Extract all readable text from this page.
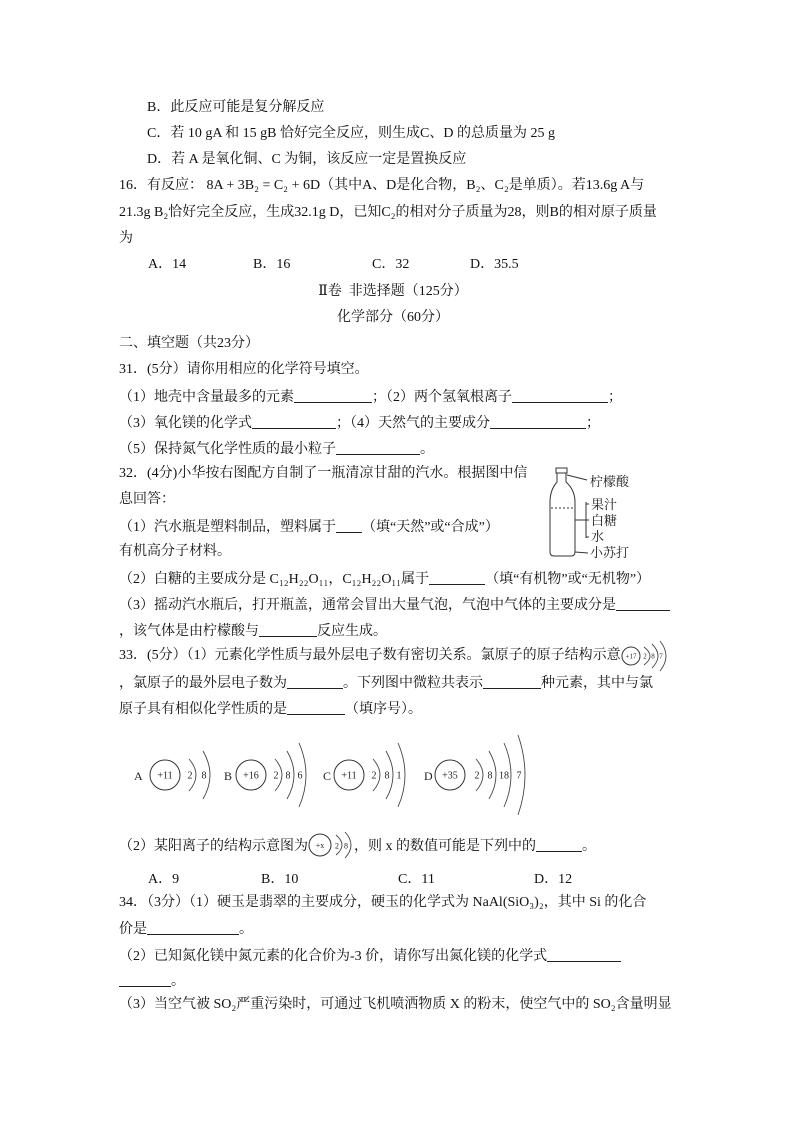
B．此反应可能是复分解反应
C．若 10 gA 和 15 gB 恰好完全反应，则生成C、D 的总质量为 25 g
D．若 A 是氧化铜、C 为铜，该反应一定是置换反应
16．有反应： 8A + 3B₂ = C₂ + 6D（其中A、D是化合物，B₂、C₂是单质）。若13.6g A与
21.3g B₂恰好完全反应，生成32.1g D，已知C₂的相对分子质量为28，则B的相对原子质量
为

A．14

	B．16

	C．32

	D．35.5

Ⅱ卷  非选择题（125分）
化学部分（60分）
二、填空题（共23分）
31．(5分）请你用相应的化学符号填空。
（1）地壳中含量最多的元素	；（2）两个氢氧根离子	；
（3）氧化镁的化学式	；（4）天然气的主要成分	；
（5）保持氮气化学性质的最小粒子	。
32．(4分)小华按右图配方自制了一瓶清凉甘甜的汽水。根据图中信
息回答：
（1）汽水瓶是塑料制品，塑料属于 （填“天然”或“合成”）
有机高分子材料。
（2）白糖的主要成分是 C₁₂H₂₂O₁₁，C₁₂H₂₂O₁₁属于	（填“有机物”或“无机物”）
（3）摇动汽水瓶后，打开瓶盖，通常会冒出大量气泡，气泡中气体的主要成分是
，该气体是由柠檬酸与	反应生成。
柠檬酸
果汁
白糖
水
小苏打
33．(5分）（1）元素化学性质与最外层电子数有密切关系。氯原子的原子结构示意 +17 2 8 7
，氯原子的最外层电子数为	。下列图中微粒共表示	种元素，其中与氯
原子具有相似化学性质的是	（填序号）。
A +11 2 8 B +16 2 8 6 C +11 2 8 1 D +35 2 8 18 7
（2）某阳离子的结构示意图为 +x 2 8 ，则 x 的数值可能是下列中的	。

A．9

	B．10

	C．11

	D．12

34．（3分）（1）硬玉是翡翠的主要成分，硬玉的化学式为 NaAl(SiO₃)₂，其中 Si 的化合
价是	。
（2）已知氮化镁中氮元素的化合价为-3 价，请你写出氮化镁的化学式
。
（3）当空气被 SO₂严重污染时，可通过飞机喷洒物质 X 的粉末，使空气中的 SO₂含量明显
